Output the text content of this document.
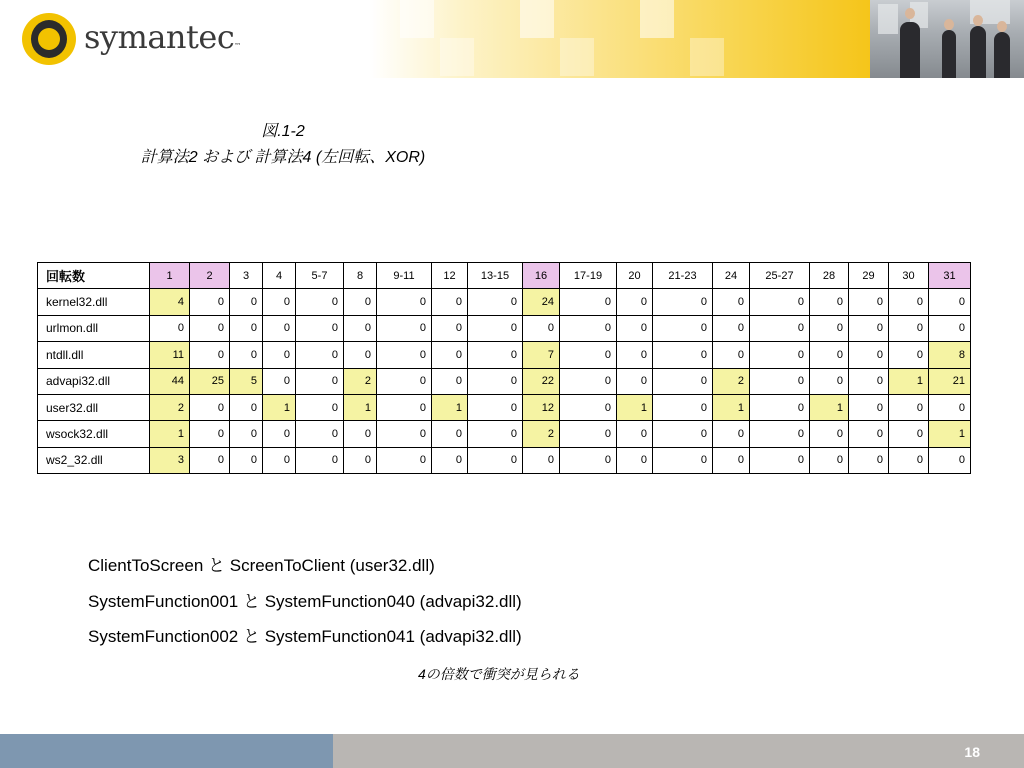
symantec™
図.1-2
計算法2 および 計算法4 (左回転、XOR)
回転数	1	2	3	4	5-7	8	9-11	12	13-15	16	17-19	20	21-23	24	25-27	28	29	30	31
kernel32.dll	4	0	0	0	0	0	0	0	0	24	0	0	0	0	0	0	0	0	0
urlmon.dll	0	0	0	0	0	0	0	0	0	0	0	0	0	0	0	0	0	0	0
ntdll.dll	11	0	0	0	0	0	0	0	0	7	0	0	0	0	0	0	0	0	8
advapi32.dll	44	25	5	0	0	2	0	0	0	22	0	0	0	2	0	0	0	1	21
user32.dll	2	0	0	1	0	1	0	1	0	12	0	1	0	1	0	1	0	0	0
wsock32.dll	1	0	0	0	0	0	0	0	0	2	0	0	0	0	0	0	0	0	1
ws2_32.dll	3	0	0	0	0	0	0	0	0	0	0	0	0	0	0	0	0	0	0
ClientToScreen と ScreenToClient (user32.dll)
SystemFunction001 と SystemFunction040 (advapi32.dll)
SystemFunction002 と SystemFunction041 (advapi32.dll)
4の倍数で衝突が見られる
18
